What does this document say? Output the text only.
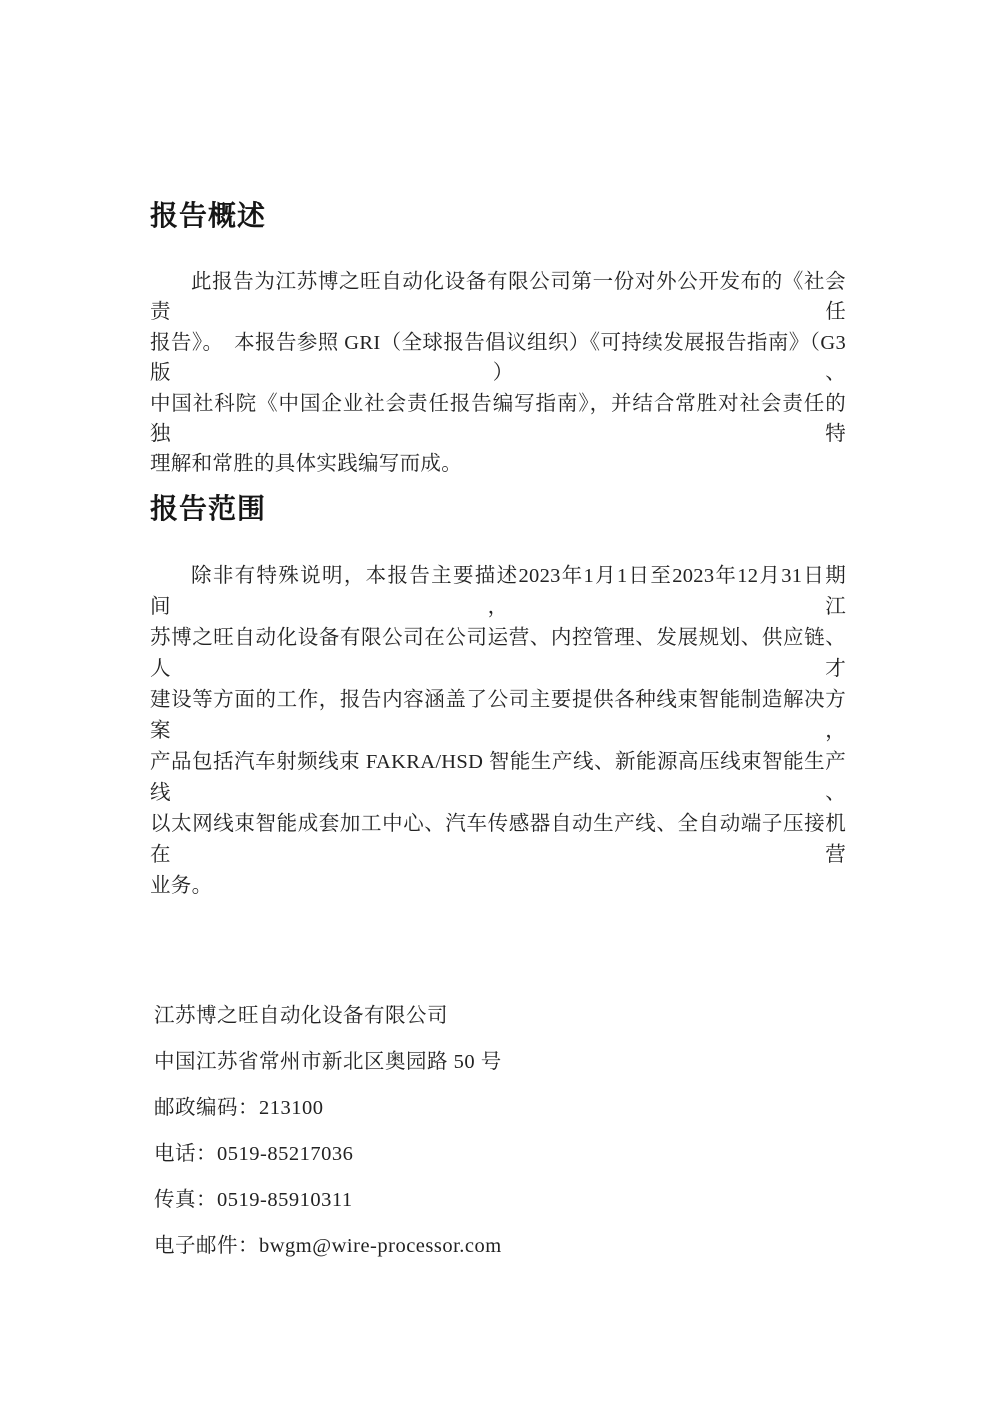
报告概述
此报告为江苏博之旺自动化设备有限公司第一份对外公开发布的《社会责任
报告》。　本报告参照 GRI（全球报告倡议组织）《可持续发展报告指南》（G3 版）、
中国社科院《中国企业社会责任报告编写指南》，并结合常胜对社会责任的独特
理解和常胜的具体实践编写而成。
报告范围
除非有特殊说明，本报告主要描述2023年1月1日至2023年12月31日期间，江
苏博之旺自动化设备有限公司在公司运营、内控管理、发展规划、供应链、人才
建设等方面的工作，报告内容涵盖了公司主要提供各种线束智能制造解决方案，
产品包括汽车射频线束 FAKRA/HSD 智能生产线、新能源高压线束智能生产线、
以太网线束智能成套加工中心、汽车传感器自动生产线、全自动端子压接机在营
业务。
江苏博之旺自动化设备有限公司
中国江苏省常州市新北区奥园路 50 号
邮政编码：213100
电话：0519-85217036
传真：0519-85910311
电子邮件：bwgm@wire-processor.com
